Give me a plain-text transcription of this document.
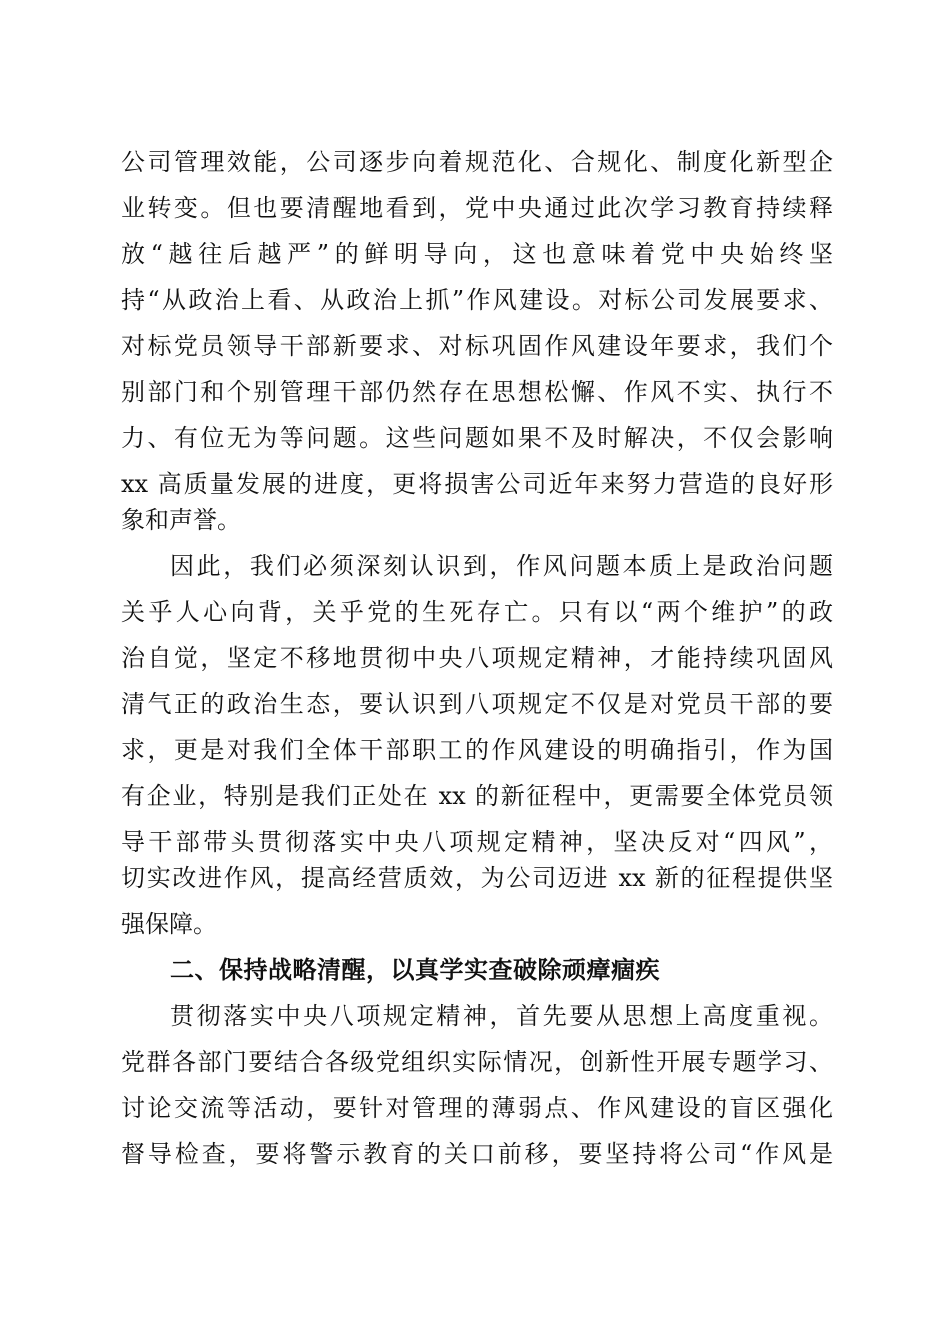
公司管理效能，公司逐步向着规范化、合规化、制度化新型企
业转变。但也要清醒地看到，党中央通过此次学习教育持续释
放“越往后越严”的鲜明导向，这也意味着党中央始终坚
持“从政治上看、从政治上抓”作风建设。对标公司发展要求、
对标党员领导干部新要求、对标巩固作风建设年要求，我们个
别部门和个别管理干部仍然存在思想松懈、作风不实、执行不
力、有位无为等问题。这些问题如果不及时解决，不仅会影响
xx 高质量发展的进度，更将损害公司近年来努力营造的良好形
象和声誉。
因此，我们必须深刻认识到，作风问题本质上是政治问题
关乎人心向背，关乎党的生死存亡。只有以“两个维护”的政
治自觉，坚定不移地贯彻中央八项规定精神，才能持续巩固风
清气正的政治生态，要认识到八项规定不仅是对党员干部的要
求，更是对我们全体干部职工的作风建设的明确指引，作为国
有企业，特别是我们正处在 xx 的新征程中，更需要全体党员领
导干部带头贯彻落实中央八项规定精神，坚决反对“四风”，
切实改进作风，提高经营质效，为公司迈进 xx 新的征程提供坚
强保障。
二、保持战略清醒，以真学实查破除顽瘴痼疾
贯彻落实中央八项规定精神，首先要从思想上高度重视。
党群各部门要结合各级党组织实际情况，创新性开展专题学习、
讨论交流等活动，要针对管理的薄弱点、作风建设的盲区强化
督导检查，要将警示教育的关口前移，要坚持将公司“作风是
